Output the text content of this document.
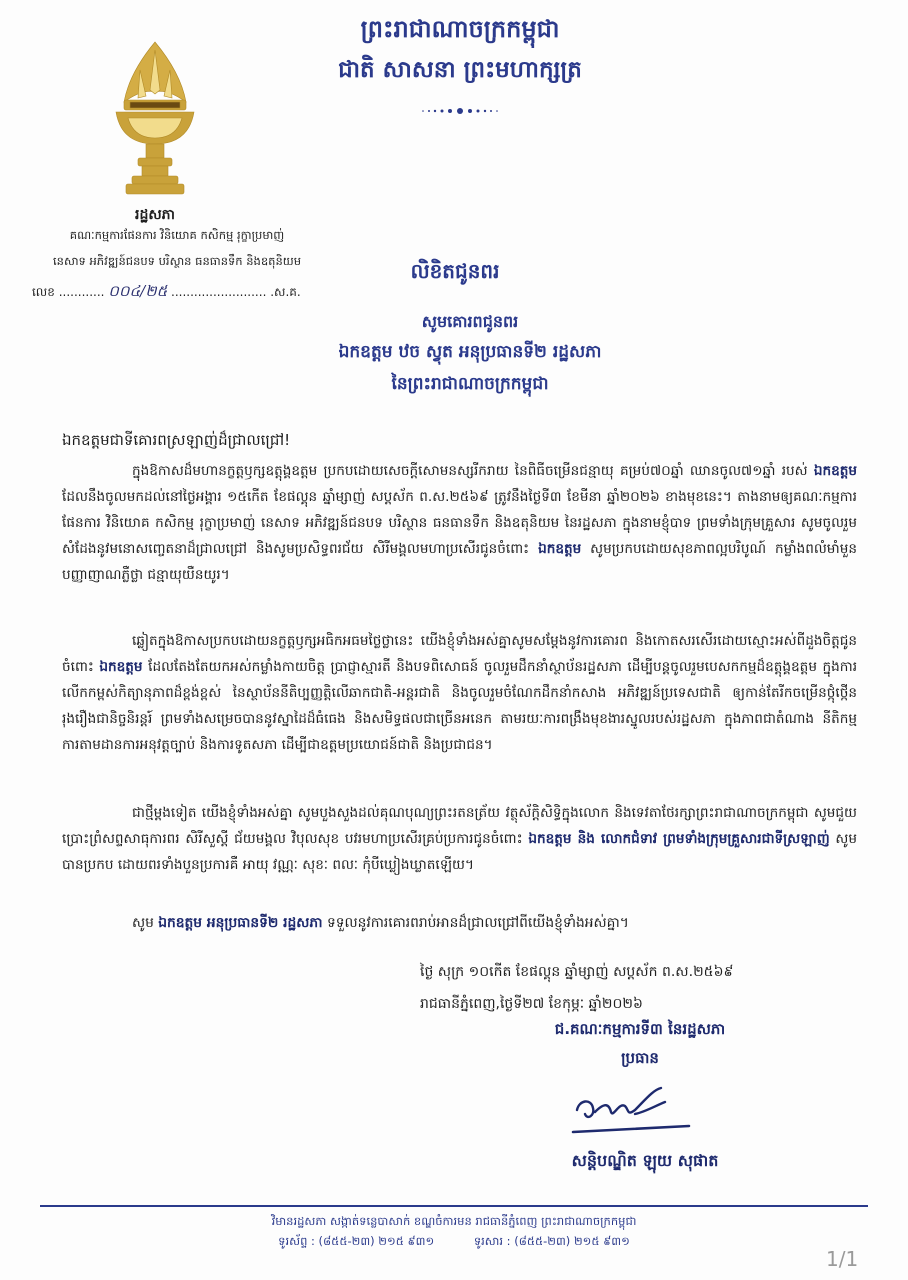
ព្រះរាជាណាចក្រកម្ពុជា
ជាតិ សាសនា ព្រះមហាក្សត្រ
រដ្ឋសភា
គណៈកម្មការផែនការ វិនិយោគ កសិកម្ម រុក្ខាប្រមាញ់
នេសាទ អភិវឌ្ឍន៍ជនបទ បរិស្ថាន ធនធានទឹក និងឧតុនិយម
លេខ ............ ០០៤/២៥ ......................... .ស.គ.
លិខិតជូនពរ
សូមគោរពជូនពរ
ឯកឧត្តម ឋច ស្វុត អនុប្រធានទី២ រដ្ឋសភា
នៃព្រះរាជាណាចក្រកម្ពុជា
ឯកឧត្តមជាទីគោរពស្រឡាញ់ដ៏ជ្រាលជ្រៅ!
ក្នុងឱកាសដ៏មហានក្ខត្តឫក្សឧត្តុង្គឧត្តម ប្រកបដោយសេចក្តីសោមនស្សរីករាយ នៃពិធីចម្រើនជន្មាយុ គម្រប់៧០ឆ្នាំ ឈានចូល៧១ឆ្នាំ របស់ ឯកឧត្តម ដែលនឹងចូលមកដល់នៅថ្ងៃអង្គារ ១៥កើត ខែផល្គុន ឆ្នាំម្សាញ់ សប្តស័ក ព.ស.២៥៦៩ ត្រូវនឹងថ្ងៃទី៣ ខែមីនា ឆ្នាំ២០២៦ ខាងមុខនេះ។ តាងនាមឲ្យគណៈកម្មការផែនការ វិនិយោគ កសិកម្ម រុក្ខាប្រមាញ់ នេសាទ អភិវឌ្ឍន៍ជនបទ បរិស្ថាន ធនធានទឹក និងឧតុនិយម នៃរដ្ឋសភា ក្នុងនាមខ្ញុំបាទ ព្រមទាំងក្រុមគ្រួសារ សូមចូលរួមសំដែងនូវមនោសញ្ចេតនាដ៏ជ្រាលជ្រៅ និងសូមប្រសិទ្ធពរជ័យ សិរីមង្គលមហាប្រសើរជូនចំពោះ ឯកឧត្តម សូមប្រកបដោយសុខភាពល្អបរិបូណ៍ កម្លាំងពលំមាំមួន បញ្ញាញាណភ្លឺថ្លា ជន្មាយុយឺនយូរ។
ឆ្លៀតក្នុងឱកាសប្រកបដោយនក្ខត្តឫក្សអធិកអធមថ្លៃថ្លានេះ យើងខ្ញុំទាំងអស់គ្នាសូមសម្តែងនូវការគោរព និងកោតសរសើរដោយស្មោះអស់ពីដួងចិត្តជូនចំពោះ ឯកឧត្តម ដែលតែងតែយកអស់កម្លាំងកាយចិត្ត ប្រាជ្ញាស្មារតី និងបទពិសោធន៍ ចូលរួមដឹកនាំស្ថាប័នរដ្ឋសភា ដើម្បីបន្តចូលរួមបេសកកម្មដ៏ឧត្តុង្គឧត្តម ក្នុងការលើកកម្ពស់កិត្យានុភាពដ៏ខ្ពង់ខ្ពស់ នៃស្ថាប័ននីតិប្បញ្ញត្តិលើឆាកជាតិ-អន្តរជាតិ និងចូលរួមចំណែកដឹកនាំកសាង អភិវឌ្ឍន៍ប្រទេសជាតិ ឲ្យកាន់តែរីកចម្រើនថ្កុំថ្កើនរុងរឿងជានិច្ចនិរន្តរ៍ ព្រមទាំងសម្រេចបាននូវស្នាដៃដ៏ធំធេង និងសមិទ្ធផលជាច្រើនអនេក តាមរយៈការពង្រឹងមុខងារស្នូលរបស់រដ្ឋសភា ក្នុងភាពជាតំណាង នីតិកម្ម ការតាមដានការអនុវត្តច្បាប់ និងការទូតសភា ដើម្បីជាឧត្តមប្រយោជន៍ជាតិ និងប្រជាជន។
ជាថ្មីម្តងទៀត យើងខ្ញុំទាំងអស់គ្នា សូមបួងសួងដល់គុណបុណ្យព្រះរតនត្រ័យ វត្ថុស័ក្តិសិទ្ធិក្នុងលោក និងទេវតាថែរក្សាព្រះរាជាណាចក្រកម្ពុជា សូមជួយប្រោះព្រំសព្ទសាធុការពរ សិរីសួស្តី ជ័យមង្គល វិបុលសុខ បវរមហាប្រសើរគ្រប់ប្រការជូនចំពោះ ឯកឧត្តម និង លោកជំទាវ ព្រមទាំងក្រុមគ្រួសារជាទីស្រឡាញ់ សូមបានប្រកប ដោយពរទាំងបួនប្រការគឺ អាយុ វណ្ណៈ សុខៈ ពលៈ កុំបីឃ្លៀងឃ្លាតឡើយ។
សូម ឯកឧត្តម អនុប្រធានទី២ រដ្ឋសភា ទទួលនូវការគោរពរាប់អានដ៏ជ្រាលជ្រៅពីយើងខ្ញុំទាំងអស់គ្នា។
ថ្ងៃ សុក្រ ១០កើត ខែផល្គុន ឆ្នាំម្សាញ់ សប្តស័ក ព.ស.២៥៦៩
រាជធានីភ្នំពេញ,ថ្ងៃទី២៧ ខែកុម្ភៈ ឆ្នាំ២០២៦
ជ.គណៈកម្មការទី៣ នៃរដ្ឋសភា
ប្រធាន
សន្តិបណ្ឌិត ឡុយ សុផាត
វិមានរដ្ឋសភា សង្កាត់ទន្លេបាសាក់ ខណ្ឌចំការមន រាជធានីភ្នំពេញ ព្រះរាជាណាចក្រកម្ពុជា
ទូរស័ព្ទ : (៨៥៥-២៣) ២១៥ ៩៣១	ទូរសារ : (៨៥៥-២៣) ២១៥ ៩៣១
1/1
